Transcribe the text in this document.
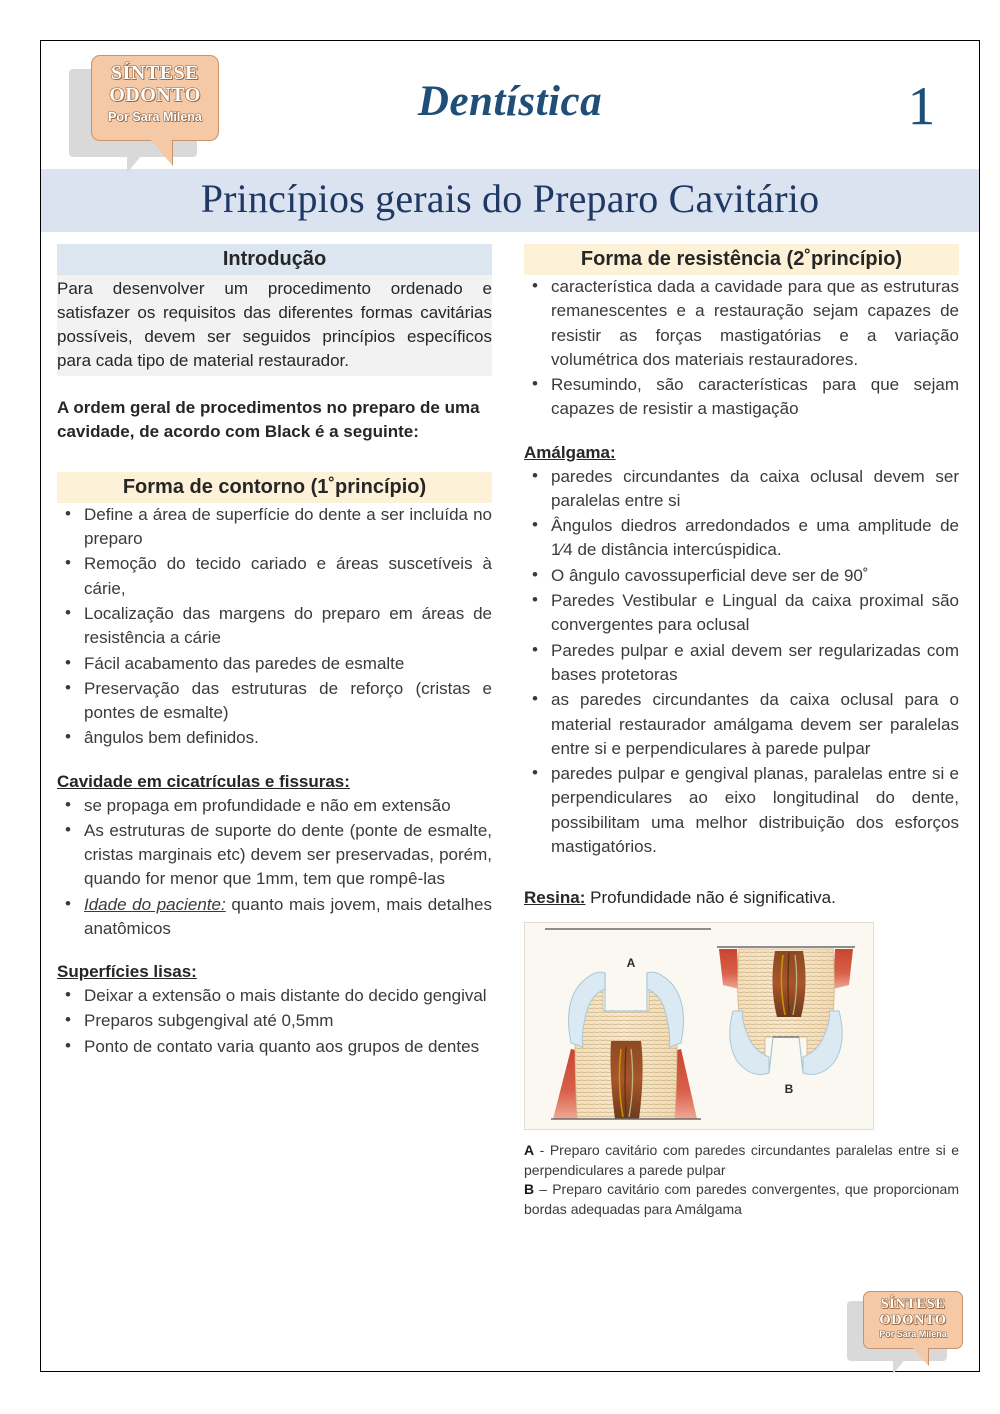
SÍNTESE
ODONTO
Por Sara Milena	Dentística	1
Princípios gerais do Preparo Cavitário
Introdução

Para desenvolver um procedimento ordenado e satisfazer os requisitos das diferentes formas cavitárias possíveis, devem ser seguidos princípios específicos para cada tipo de material restaurador.

A ordem geral de procedimentos no preparo de uma cavidade, de acordo com Black é a seguinte:

Forma de contorno (1˚princípio)
• Define a área de superfície do dente a ser incluída no preparo
• Remoção do tecido cariado e áreas suscetíveis à cárie,
• Localização das margens do preparo em áreas de resistência a cárie
• Fácil acabamento das paredes de esmalte
• Preservação das estruturas de reforço (cristas e pontes de esmalte)
• ângulos bem definidos.
Cavidade em cicatrículas e fissuras:
• se propaga em profundidade e não em extensão
• As estruturas de suporte do dente (ponte de esmalte, cristas marginais etc) devem ser preservadas, porém, quando for menor que 1mm, tem que rompê-las
• Idade do paciente: quanto mais jovem, mais detalhes anatômicos
Superfícies lisas:
• Deixar a extensão o mais distante do decido gengival
• Preparos subgengival até 0,5mm
• Ponto de contato varia quanto aos grupos de dentes
Forma de resistência (2˚princípio)
• característica dada a cavidade para que as estruturas remanescentes e a restauração sejam capazes de resistir as forças mastigatórias e a variação volumétrica dos materiais restauradores.
• Resumindo, são características para que sejam capazes de resistir a mastigação
Amálgama:
• paredes circundantes da caixa oclusal devem ser paralelas entre si
• Ângulos diedros arredondados e uma amplitude de 1⁄4 de distância intercúspidica.
• O ângulo cavossuperficial deve ser de 90˚
• Paredes Vestibular e Lingual da caixa proximal são convergentes para oclusal
• Paredes pulpar e axial devem ser regularizadas com bases protetoras
• as paredes circundantes da caixa oclusal para o material restaurador amálgama devem ser paralelas entre si e perpendiculares à parede pulpar
• paredes pulpar e gengival planas, paralelas entre si e perpendiculares ao eixo longitudinal do dente, possibilitam uma melhor distribuição dos esforços mastigatórios.
Resina: Profundidade não é significativa.
A
B
A - Preparo cavitário com paredes circundantes paralelas entre si e perpendiculares a parede pulpar
B – Preparo cavitário com paredes convergentes, que proporcionam bordas adequadas para Amálgama
SÍNTESE
ODONTO
Por Sara Milena
